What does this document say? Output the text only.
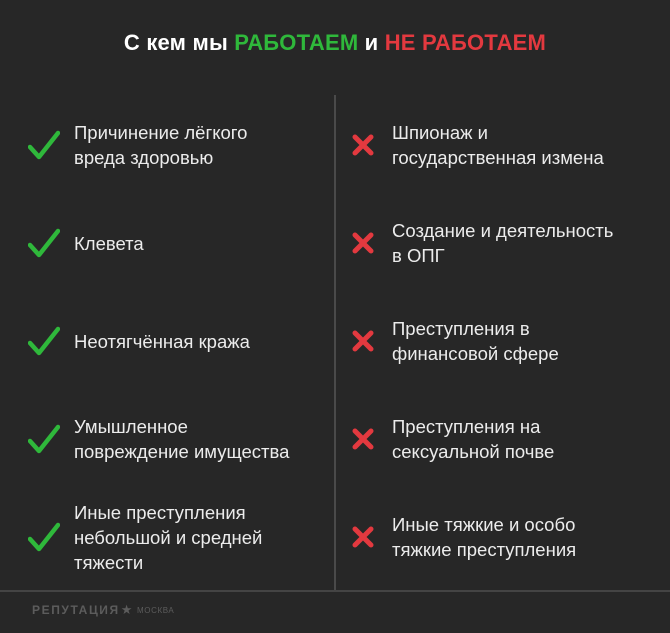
С кем мы РАБОТАЕМ и НЕ РАБОТАЕМ
Причинение лёгкого
вреда здоровью
Клевета
Неотягчённая кража
Умышленное
повреждение имущества
Иные преступления
небольшой и средней
тяжести
Шпионаж и
государственная измена
Создание и деятельность
в ОПГ
Преступления в
финансовой сфере
Преступления на
сексуальной почве
Иные тяжкие и особо
тяжкие преступления
РЕПУТАЦИЯ ★ МОСКВА
